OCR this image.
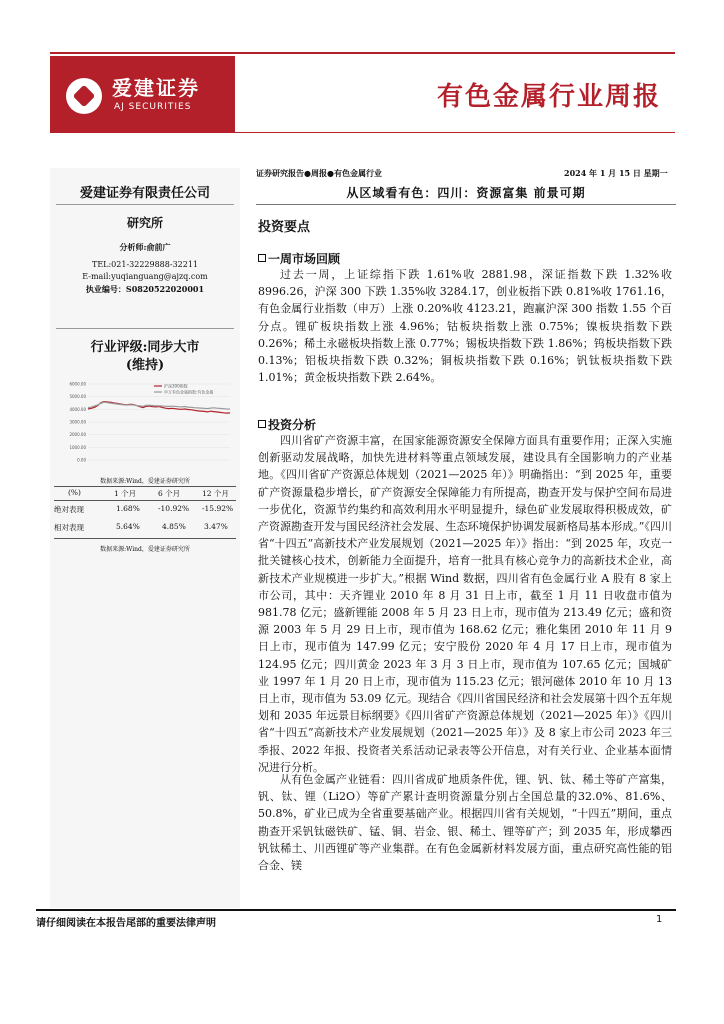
爱建证券
AJ SECURITIES	有色金属行业周报
爱建证券有限责任公司
研究所
分析师:俞前广
TEL:021-32229888-32211
E-mail:yuqianguang@ajzq.com
执业编号：S0820522020001
行业评级:同步大市
(维持)
6000.00
5000.00
4000.00
3000.00
2000.00
1000.00
0.00
沪深300指数
申万有色金属指数:有色金属
数据来源:Wind，爱建证券研究所
(%)	1 个月	6 个月	12 个月
绝对表现	1.68% -10.92% -15.92%
相对表现	5.64%	4.85% 3.47%
数据来源:Wind，爱建证券研究所
证券研究报告●周报●有色金属行业	2024 年 1 月 15 日 星期一
从区域看有色：四川：资源富集 前景可期
投资要点
一周市场回顾
过去一周，上证综指下跌 1.61%收 2881.98，深证指数下跌 1.32%收 8996.26，沪深 300 下跌 1.35%收 3284.17，创业板指下跌 0.81%收 1761.16，有色金属行业指数（申万）上涨 0.20%收 4123.21，跑赢沪深 300 指数 1.55 个百分点。锂矿板块指数上涨 4.96%；钴板块指数上涨 0.75%；镍板块指数下跌 0.26%；稀土永磁板块指数上涨 0.77%；锡板块指数下跌 1.86%；钨板块指数下跌 0.13%；铝板块指数下跌 0.32%；铜板块指数下跌 0.16%；钒钛板块指数下跌 1.01%；黄金板块指数下跌 2.64%。
投资分析
四川省矿产资源丰富，在国家能源资源安全保障方面具有重要作用；正深入实施创新驱动发展战略，加快先进材料等重点领域发展，建设具有全国影响力的产业基地。《四川省矿产资源总体规划（2021—2025 年）》明确指出：“到 2025 年，重要矿产资源量稳步增长，矿产资源安全保障能力有所提高，勘查开发与保护空间布局进一步优化，资源节约集约和高效利用水平明显提升，绿色矿业发展取得积极成效，矿产资源勘查开发与国民经济社会发展、生态环境保护协调发展新格局基本形成。”《四川省“十四五”高新技术产业发展规划（2021—2025 年）》指出：“到 2025 年，攻克一批关键核心技术，创新能力全面提升，培育一批具有核心竞争力的高新技术企业，高新技术产业规模进一步扩大。”根据 Wind 数据，四川省有色金属行业 A 股有 8 家上市公司，其中：天齐锂业 2010 年 8 月 31 日上市，截至 1 月 11 日收盘市值为 981.78 亿元；盛新锂能 2008 年 5 月 23 日上市，现市值为 213.49 亿元；盛和资源 2003 年 5 月 29 日上市，现市值为 168.62 亿元；雅化集团 2010 年 11 月 9 日上市，现市值为 147.99 亿元；安宁股份 2020 年 4 月 17 日上市，现市值为 124.95 亿元；四川黄金 2023 年 3 月 3 日上市，现市值为 107.65 亿元；国城矿业 1997 年 1 月 20 日上市，现市值为 115.23 亿元；银河磁体 2010 年 10 月 13 日上市，现市值为 53.09 亿元。现结合《四川省国民经济和社会发展第十四个五年规划和 2035 年远景目标纲要》《四川省矿产资源总体规划（2021—2025 年）》《四川省“十四五”高新技术产业发展规划（2021—2025 年）》及 8 家上市公司 2023 年三季报、2022 年报、投资者关系活动记录表等公开信息，对有关行业、企业基本面情况进行分析。
从有色金属产业链看：四川省成矿地质条件优，锂、钒、钛、稀土等矿产富集，钒、钛、锂（Li2O）等矿产累计查明资源量分别占全国总量的32.0%、81.6%、50.8%，矿业已成为全省重要基础产业。根据四川省有关规划，“十四五”期间，重点勘查开采钒钛磁铁矿、锰、铜、岩金、银、稀土、锂等矿产；到 2035 年，形成攀西钒钛稀土、川西锂矿等产业集群。在有色金属新材料发展方面，重点研究高性能的铝合金、镁
请仔细阅读在本报告尾部的重要法律声明	1
